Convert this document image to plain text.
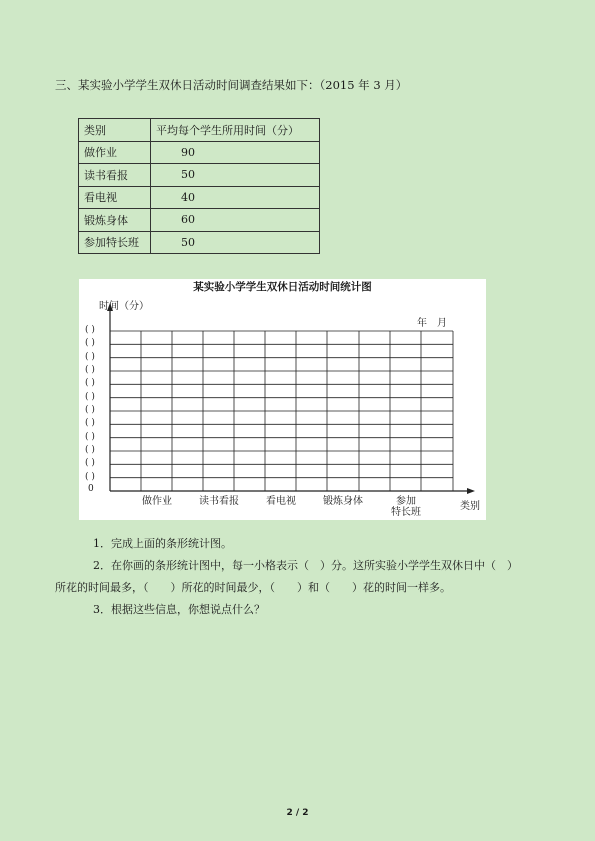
三、某实验小学学生双休日活动时间调查结果如下：（2015 年 3 月）
类别	平均每个学生所用时间（分）
做作业	90
读书看报	50
看电视	40
锻炼身体	60
参加特长班	50
某实验小学学生双休日活动时间统计图
时间（分）
年　月
类别
0
( )
( )
( )
( )
( )
( )
( )
( )
( )
( )
( )
( )
做作业	读书看报	看电视	锻炼身体	参加
特长班
1．完成上面的条形统计图。
2．在你画的条形统计图中，每一小格表示（　）分。这所实验小学学生双休日中（　）
所花的时间最多，（　　）所花的时间最少，（　　）和（　　）花的时间一样多。
3．根据这些信息，你想说点什么？
2 / 2
